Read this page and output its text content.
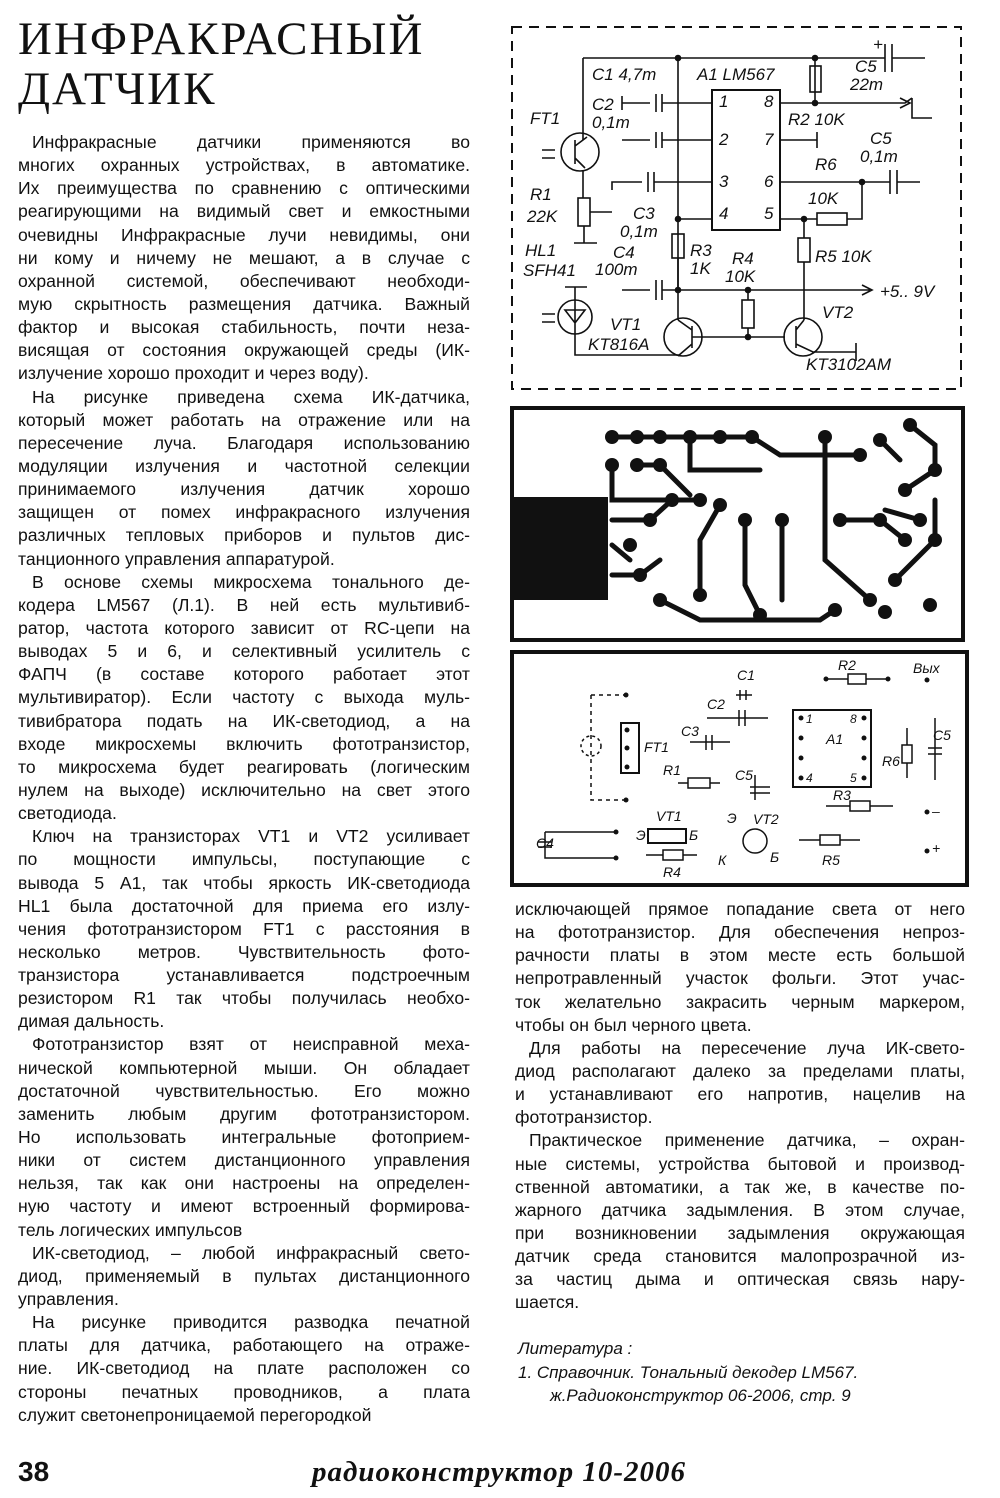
ИНФРАКРАСНЫЙ
ДАТЧИК
Инфракрасные датчики применяются во
многих охранных устройствах, в автоматике.
Их преимущества по сравнению с оптическими
реагирующими на видимый свет и емкостными
очевидны Инфракрасные лучи невидимы, они
ни кому и ничему не мешают, а в случае с
охранной системой, обеспечивают необходи-
мую скрытность размещения датчика. Важный
фактор и высокая стабильность, почти неза-
висящая от состояния окружающей среды (ИК-
излучение хорошо проходит и через воду).
На рисунке приведена схема ИК-датчика,
который может работать на отражение или на
пересечение луча. Благодаря использованию
модуляции излучения и частотной селекции
принимаемого излучения датчик хорошо
защищен от помех инфракрасного излучения
различных тепловых приборов и пультов дис-
танционного управления аппаратурой.
В основе схемы микросхема тонального де-
кодера LM567 (Л.1). В ней есть мультивиб-
ратор, частота которого зависит от RC-цепи на
выводах 5 и 6, и селективный усилитель с
ФАПЧ (в составе которого работает этот
мультивиратор). Если частоту с выхода муль-
тивибратора подать на ИК-светодиод, а на
входе микросхемы включить фототранзистор,
то микросхема будет реагировать (логическим
нулем на выходе) исключительно на свет этого
светодиода.
Ключ на транзисторах VT1 и VT2 усиливает
по мощности импульсы, поступающие с
вывода 5 А1, так чтобы яркость ИК-светодиода
HL1 была достаточной для приема его излу-
чения фототранзистором FT1 с расстояния в
несколько метров. Чувствительность фото-
транзистора устанавливается подстроечным
резистором R1 так чтобы получилась необхо-
димая дальность.
Фототранзистор взят от неисправной меха-
нической компьютерной мыши. Он обладает
достаточной чувствительностью. Его можно
заменить любым другим фототранзистором.
Но использовать интегральные фотоприем-
ники от систем дистанционного управления
нельзя, так как они настроены на определен-
ную частоту и имеют встроенный формирова-
тель логических импульсов
ИК-светодиод, – любой инфракрасный свето-
диод, применяемый в пультах дистанционного
управления.
На рисунке приводится разводка печатной
платы для датчика, работающего на отраже-
ние. ИК-светодиод на плате расположен со
стороны печатных проводников, а плата
служит светонепроницаемой перегородкой
исключающей прямое попадание света от него
на фототранзистор. Для обеспечения непроз-
рачности платы в этом месте есть большой
непротравленный участок фольги. Этот учас-
ток желательно закрасить черным маркером,
чтобы он был черного цвета.
Для работы на пересечение луча ИК-свето-
диод располагают далеко за пределами платы,
и устанавливают его напротив, нацелив на
фототранзистор.
Практическое применение датчика, – охран-
ные системы, устройства бытовой и производ-
ственной автоматики, а так же, в качестве по-
жарного датчика задымления. В этом случае,
при возникновении задымления окружающая
датчик среда становится малопрозрачной из-
за частиц дыма и оптическая связь нару-
шается.
Литература :
1. Справочник. Тональный декодер LM567.
ж.Радиоконструктор 06-2006, стр. 9
38	радиоконструктор 10-2006
C1 4,7m A1 LM567	C5
22m
+
FT1
C2
0,1m	R2 10K
C5
0,1m
R6
10K
R1
22K	C3
0,1m
HL1
SFH41
C4
100m
R3
1K
R4
10K
R5 10K
+5.. 9V
VT1
KT816A
VT2
KT3102AM
1
2
3
4
8
7
6
5
R2	Вых
C1
C2
C3	A1
R6
C5
FT1
R1	C5
R3
VT1
Э	Б
VT2
Э
К	Б
C4
R4
R5
1	8
4	5
–
+
